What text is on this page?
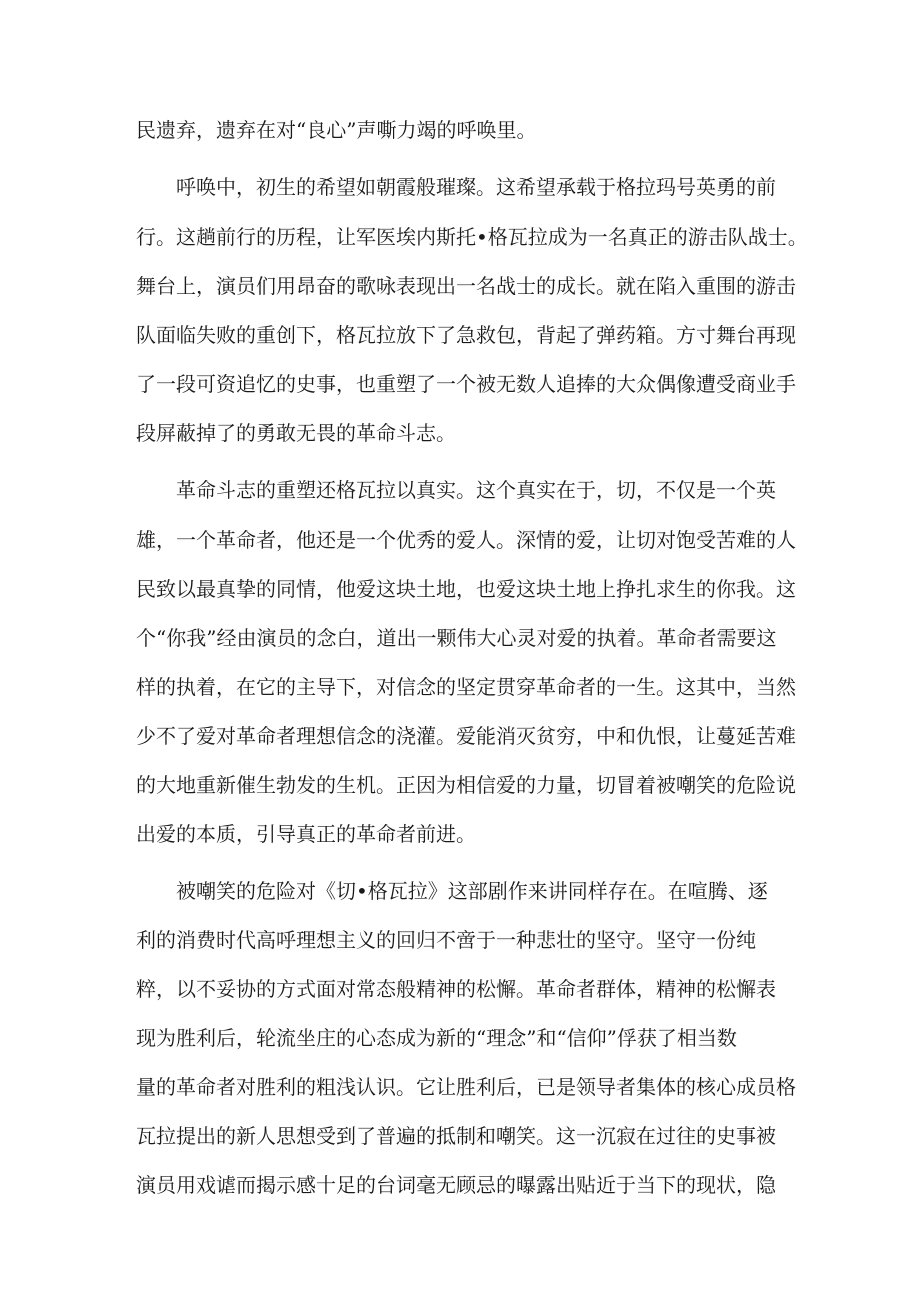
民遗弃，遗弃在对“良心”声嘶力竭的呼唤里。
呼唤中，初生的希望如朝霞般璀璨。这希望承载于格拉玛号英勇的前
行。这趟前行的历程，让军医埃内斯托•格瓦拉成为一名真正的游击队战士。
舞台上，演员们用昂奋的歌咏表现出一名战士的成长。就在陷入重围的游击
队面临失败的重创下，格瓦拉放下了急救包，背起了弹药箱。方寸舞台再现
了一段可资追忆的史事，也重塑了一个被无数人追捧的大众偶像遭受商业手
段屏蔽掉了的勇敢无畏的革命斗志。
革命斗志的重塑还格瓦拉以真实。这个真实在于，切，不仅是一个英
雄，一个革命者，他还是一个优秀的爱人。深情的爱，让切对饱受苦难的人
民致以最真挚的同情，他爱这块土地，也爱这块土地上挣扎求生的你我。这
个“你我”经由演员的念白，道出一颗伟大心灵对爱的执着。革命者需要这
样的执着，在它的主导下，对信念的坚定贯穿革命者的一生。这其中，当然
少不了爱对革命者理想信念的浇灌。爱能消灭贫穷，中和仇恨，让蔓延苦难
的大地重新催生勃发的生机。正因为相信爱的力量，切冒着被嘲笑的危险说
出爱的本质，引导真正的革命者前进。
被嘲笑的危险对《切•格瓦拉》这部剧作来讲同样存在。在喧腾、逐
利的消费时代高呼理想主义的回归不啻于一种悲壮的坚守。坚守一份纯
粹，以不妥协的方式面对常态般精神的松懈。革命者群体，精神的松懈表
现为胜利后，轮流坐庄的心态成为新的“理念”和“信仰”俘获了相当数
量的革命者对胜利的粗浅认识。它让胜利后，已是领导者集体的核心成员格
瓦拉提出的新人思想受到了普遍的抵制和嘲笑。这一沉寂在过往的史事被
演员用戏谑而揭示感十足的台词毫无顾忌的曝露出贴近于当下的现状，隐
